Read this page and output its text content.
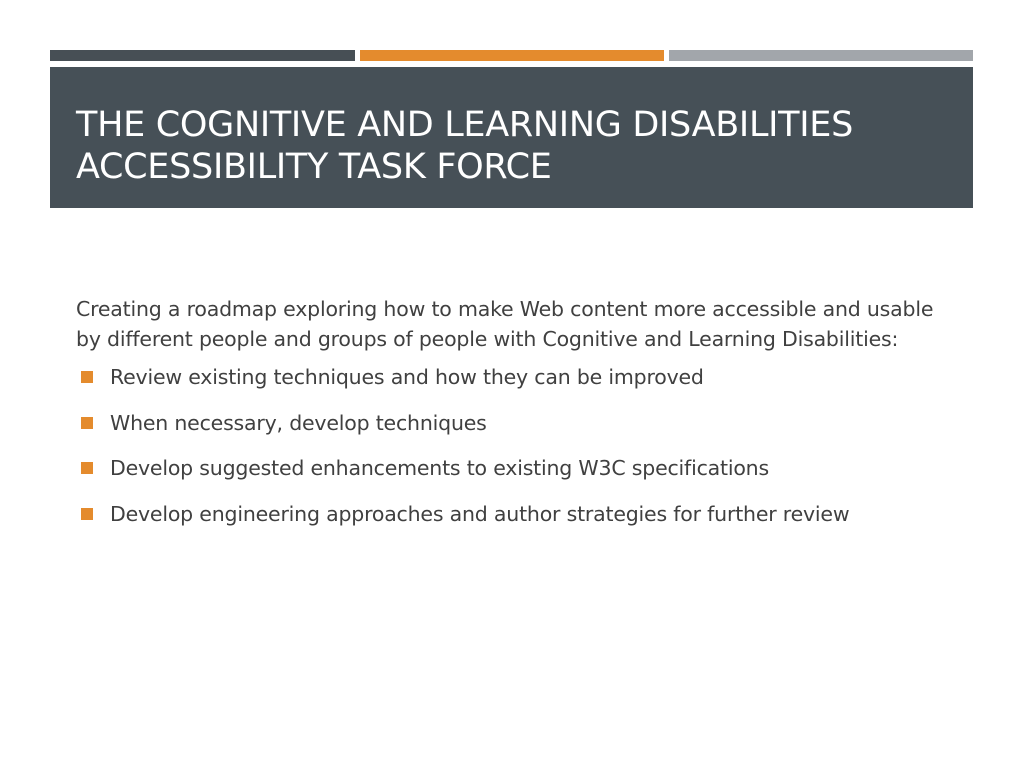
THE COGNITIVE AND LEARNING DISABILITIES ACCESSIBILITY TASK FORCE

Creating a roadmap exploring how to make Web content more accessible and usable by different people and groups of people with Cognitive and Learning Disabilities:

Review existing techniques and how they can be improved
When necessary, develop techniques
Develop suggested enhancements to existing W3C specifications
Develop engineering approaches and author strategies for further review
